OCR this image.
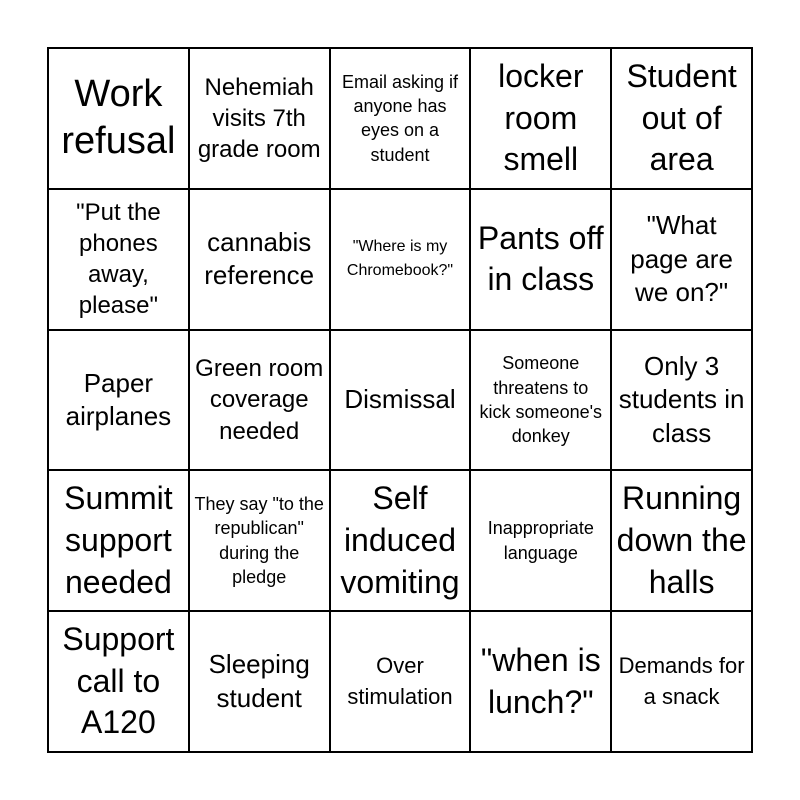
Work refusal
Nehemiah visits 7th grade room
Email asking if anyone has eyes on a student
locker room smell
Student out of area
"Put the phones away, please"
cannabis reference
"Where is my Chromebook?"
Pants off in class
"What page are we on?"
Paper airplanes
Green room coverage needed
Dismissal
Someone threatens to kick someone's donkey
Only 3 students in class
Summit support needed
They say "to the republican" during the pledge
Self induced vomiting
Inappropriate language
Running down the halls
Support call to A120
Sleeping student
Over stimulation
"when is lunch?"
Demands for a snack
